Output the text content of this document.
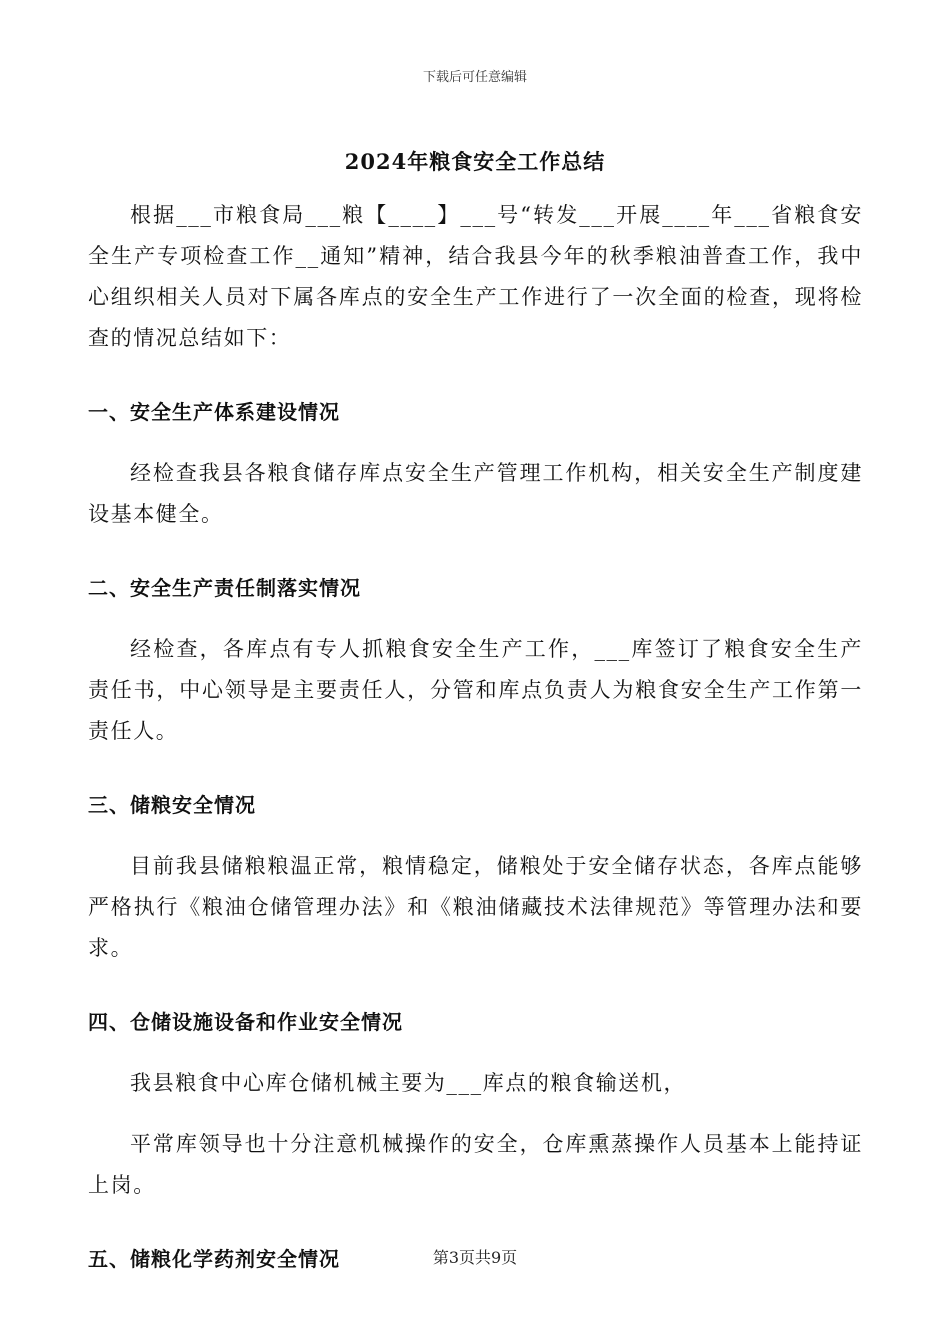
下载后可任意编辑
2024年粮食安全工作总结

根据___市粮食局___粮【____】___号“转发___开展____年___省粮食安全生产专项检查工作__通知”精神，结合我县今年的秋季粮油普查工作，我中心组织相关人员对下属各库点的安全生产工作进行了一次全面的检查，现将检查的情况总结如下：

一、安全生产体系建设情况

经检查我县各粮食储存库点安全生产管理工作机构，相关安全生产制度建设基本健全。

二、安全生产责任制落实情况

经检查，各库点有专人抓粮食安全生产工作，___库签订了粮食安全生产责任书，中心领导是主要责任人，分管和库点负责人为粮食安全生产工作第一责任人。

三、储粮安全情况

目前我县储粮粮温正常，粮情稳定，储粮处于安全储存状态，各库点能够严格执行《粮油仓储管理办法》和《粮油储藏技术法律规范》等管理办法和要求。

四、仓储设施设备和作业安全情况

我县粮食中心库仓储机械主要为___库点的粮食输送机，

平常库领导也十分注意机械操作的安全，仓库熏蒸操作人员基本上能持证上岗。

五、储粮化学药剂安全情况	第3页共9页
